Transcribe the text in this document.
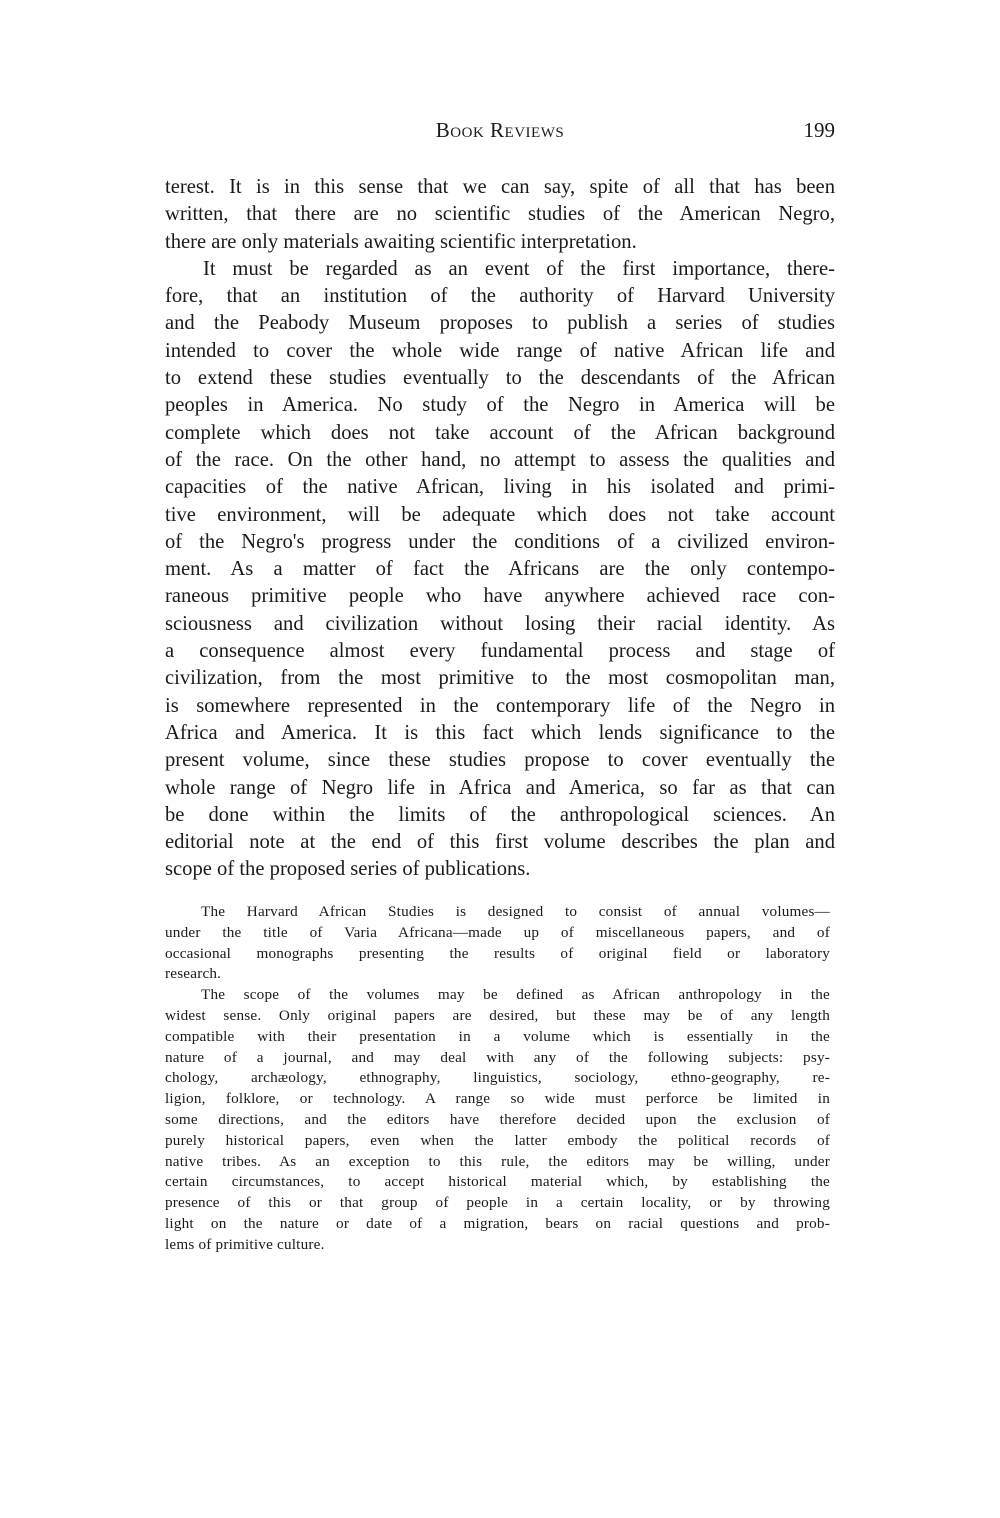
Book Reviews	199
terest. It is in this sense that we can say, spite of all that has been
written, that there are no scientific studies of the American Negro,
there are only materials awaiting scientific interpretation.
It must be regarded as an event of the first importance, there-
fore, that an institution of the authority of Harvard University
and the Peabody Museum proposes to publish a series of studies
intended to cover the whole wide range of native African life and
to extend these studies eventually to the descendants of the African
peoples in America. No study of the Negro in America will be
complete which does not take account of the African background
of the race. On the other hand, no attempt to assess the qualities and
capacities of the native African, living in his isolated and primi-
tive environment, will be adequate which does not take account
of the Negro's progress under the conditions of a civilized environ-
ment. As a matter of fact the Africans are the only contempo-
raneous primitive people who have anywhere achieved race con-
sciousness and civilization without losing their racial identity. As
a consequence almost every fundamental process and stage of
civilization, from the most primitive to the most cosmopolitan man,
is somewhere represented in the contemporary life of the Negro in
Africa and America. It is this fact which lends significance to the
present volume, since these studies propose to cover eventually the
whole range of Negro life in Africa and America, so far as that can
be done within the limits of the anthropological sciences. An
editorial note at the end of this first volume describes the plan and
scope of the proposed series of publications.
The Harvard African Studies is designed to consist of annual volumes—
under the title of Varia Africana—made up of miscellaneous papers, and of
occasional monographs presenting the results of original field or laboratory
research.
The scope of the volumes may be defined as African anthropology in the
widest sense. Only original papers are desired, but these may be of any length
compatible with their presentation in a volume which is essentially in the
nature of a journal, and may deal with any of the following subjects: psy-
chology, archæology, ethnography, linguistics, sociology, ethno-geography, re-
ligion, folklore, or technology. A range so wide must perforce be limited in
some directions, and the editors have therefore decided upon the exclusion of
purely historical papers, even when the latter embody the political records of
native tribes. As an exception to this rule, the editors may be willing, under
certain circumstances, to accept historical material which, by establishing the
presence of this or that group of people in a certain locality, or by throwing
light on the nature or date of a migration, bears on racial questions and prob-
lems of primitive culture.
